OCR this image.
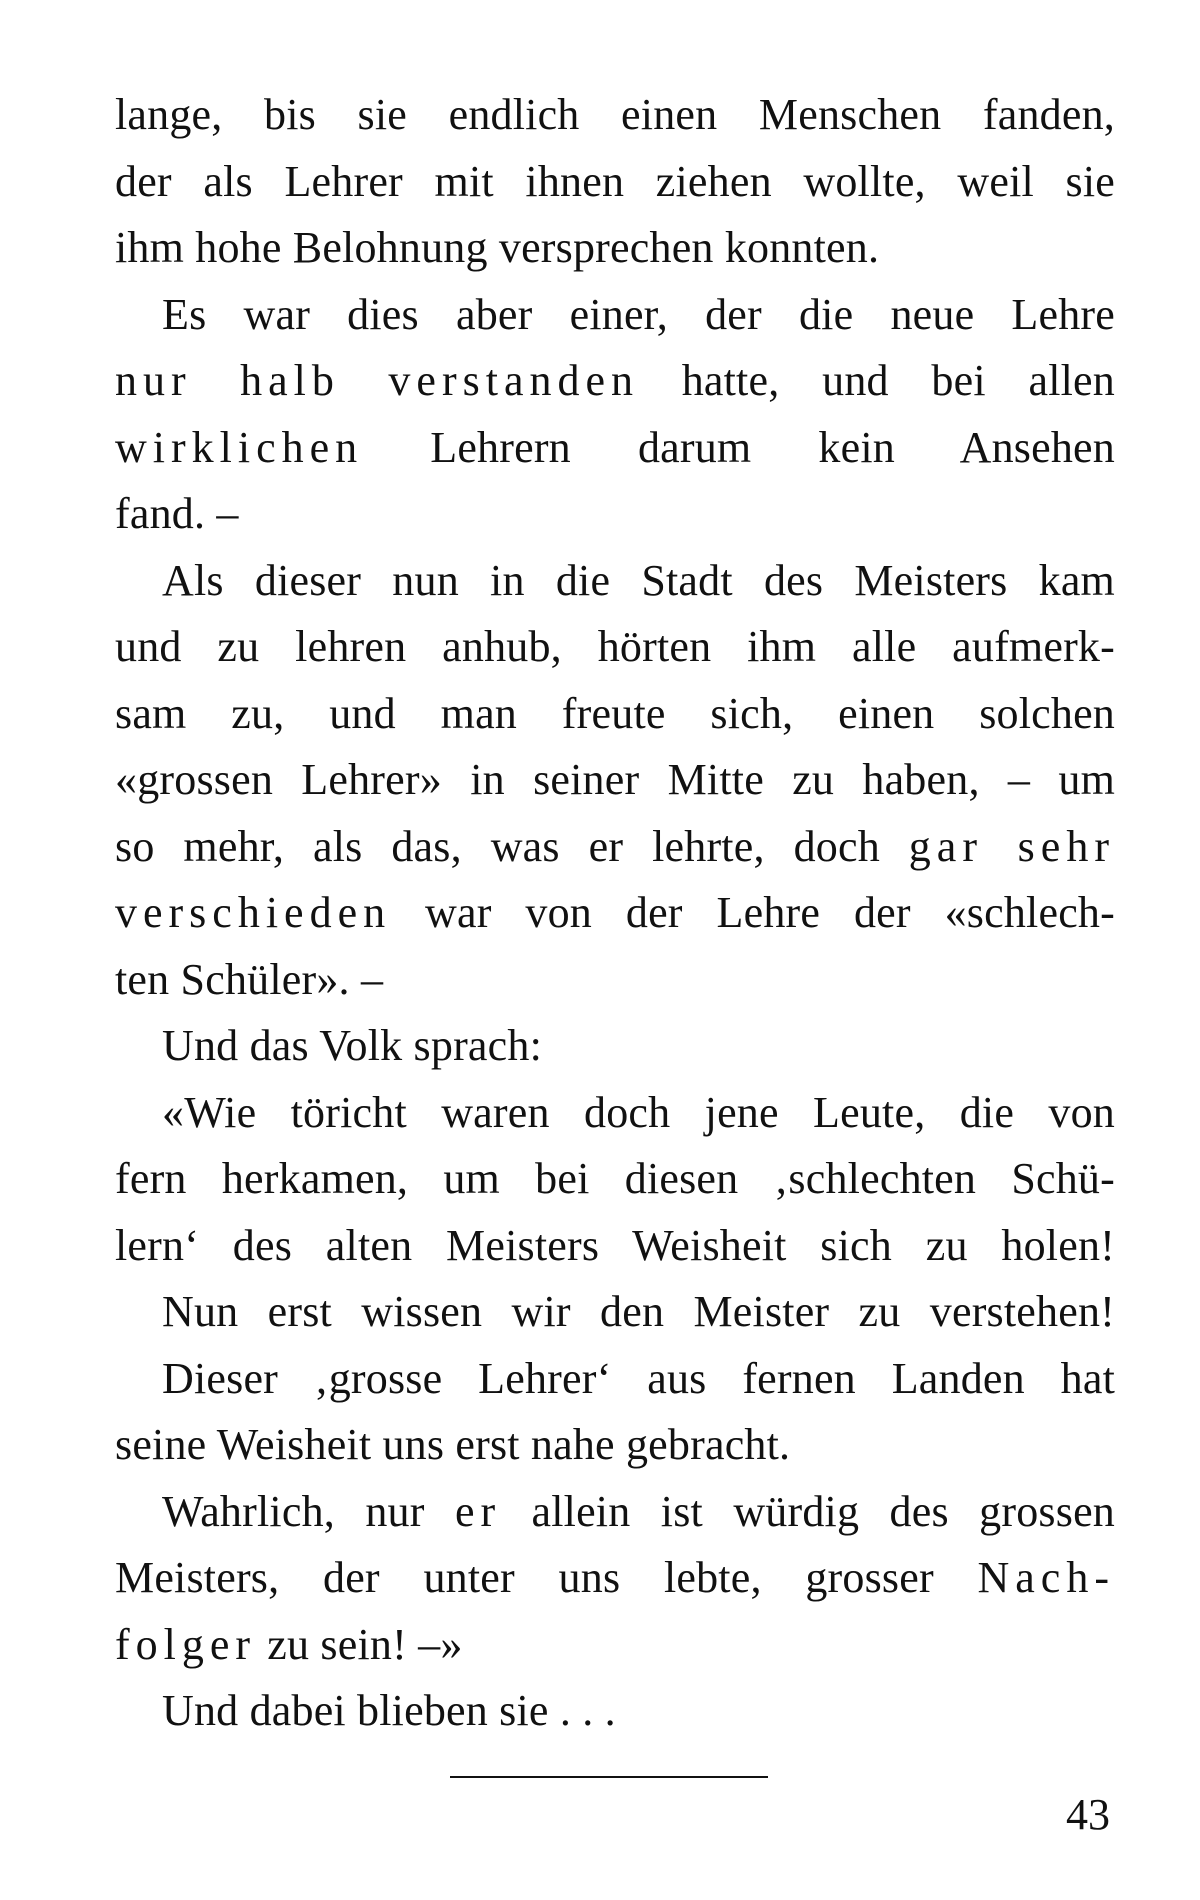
lange, bis sie endlich einen Menschen fanden,
der als Lehrer mit ihnen ziehen wollte, weil sie
ihm hohe Belohnung versprechen konnten.
Es war dies aber einer, der die neue Lehre
nur halb verstanden hatte, und bei allen
wirklichen Lehrern darum kein Ansehen
fand. –
Als dieser nun in die Stadt des Meisters kam
und zu lehren anhub, hörten ihm alle aufmerk-
sam zu, und man freute sich, einen solchen
«grossen Lehrer» in seiner Mitte zu haben, – um
so mehr, als das, was er lehrte, doch gar sehr
verschieden war von der Lehre der «schlech-
ten Schüler». –
Und das Volk sprach:
«Wie töricht waren doch jene Leute, die von
fern herkamen, um bei diesen ‚schlechten Schü-
lern‘ des alten Meisters Weisheit sich zu holen!
Nun erst wissen wir den Meister zu verstehen!
Dieser ‚grosse Lehrer‘ aus fernen Landen hat
seine Weisheit uns erst nahe gebracht.
Wahrlich, nur er allein ist würdig des grossen
Meisters, der unter uns lebte, grosser Nach-
folger zu sein! –»
Und dabei blieben sie . . .
43
